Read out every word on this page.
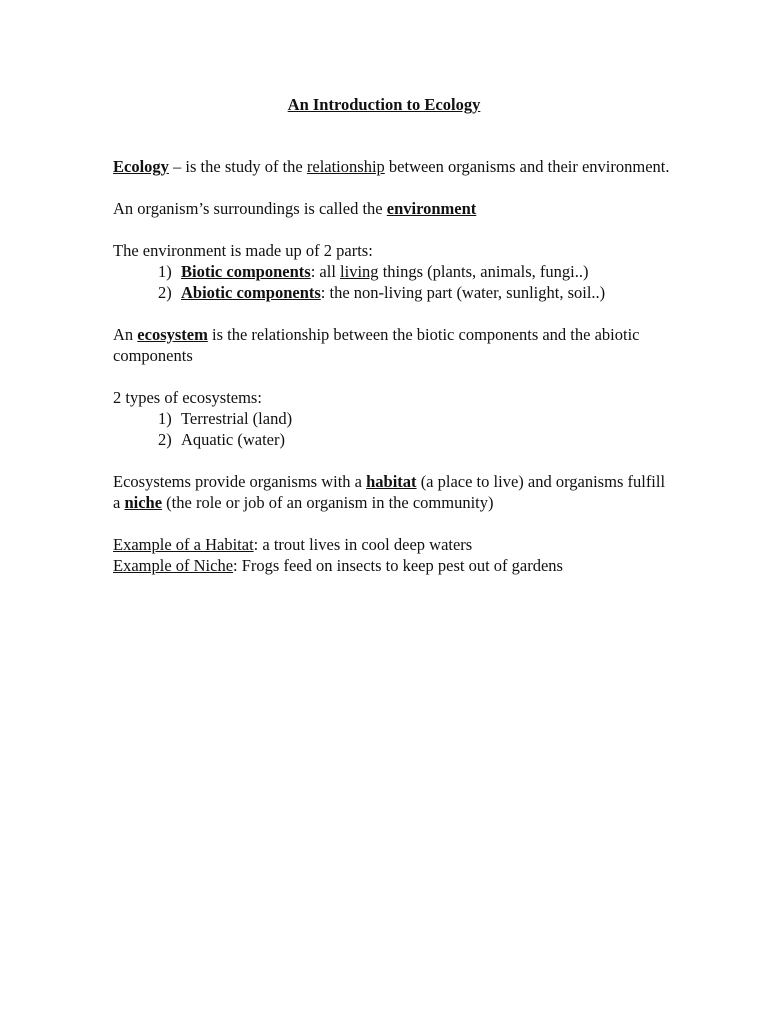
An Introduction to Ecology

Ecology – is the study of the relationship between organisms and their environment.

An organism’s surroundings is called the environment

The environment is made up of 2 parts:

1) Biotic components: all living things (plants, animals, fungi..)
2) Abiotic components: the non-living part (water, sunlight, soil..)

An ecosystem is the relationship between the biotic components and the abiotic components

2 types of ecosystems:

1) Terrestrial (land)
2) Aquatic (water)

Ecosystems provide organisms with a habitat (a place to live) and organisms fulfill a niche (the role or job of an organism in the community)

Example of a Habitat: a trout lives in cool deep waters

Example of Niche: Frogs feed on insects to keep pest out of gardens
